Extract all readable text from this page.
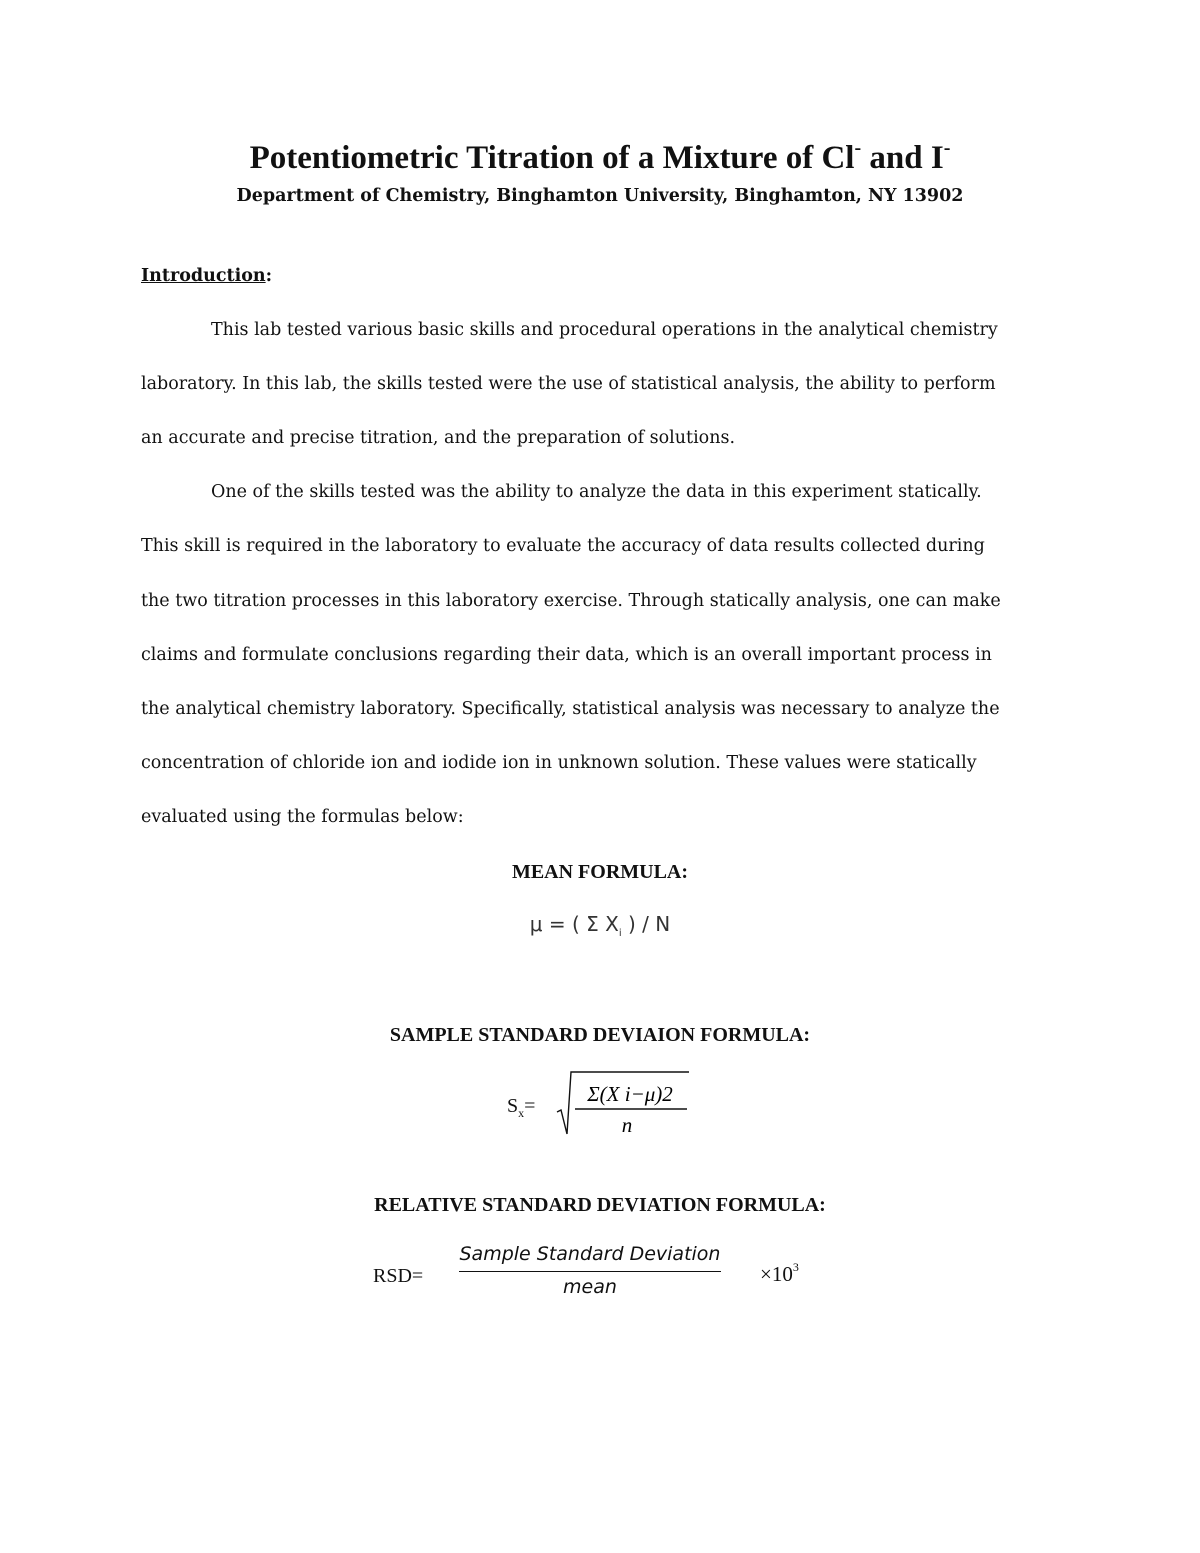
Potentiometric Titration of a Mixture of Cl- and I-
Department of Chemistry, Binghamton University, Binghamton, NY 13902
Introduction:
This lab tested various basic skills and procedural operations in the analytical chemistry
laboratory. In this lab, the skills tested were the use of statistical analysis, the ability to perform
an accurate and precise titration, and the preparation of solutions.
One of the skills tested was the ability to analyze the data in this experiment statically.
This skill is required in the laboratory to evaluate the accuracy of data results collected during
the two titration processes in this laboratory exercise. Through statically analysis, one can make
claims and formulate conclusions regarding their data, which is an overall important process in
the analytical chemistry laboratory. Specifically, statistical analysis was necessary to analyze the
concentration of chloride ion and iodide ion in unknown solution. These values were statically
evaluated using the formulas below:
MEAN FORMULA:
μ = ( Σ $X_i$ ) / N
SAMPLE STANDARD DEVIAION FORMULA:
$S_x= \Sigma(X$ i−μ)2
n
RELATIVE STANDARD DEVIATION FORMULA:
RSD=
Sample Standard Deviation
mean
$\times 10^3$
